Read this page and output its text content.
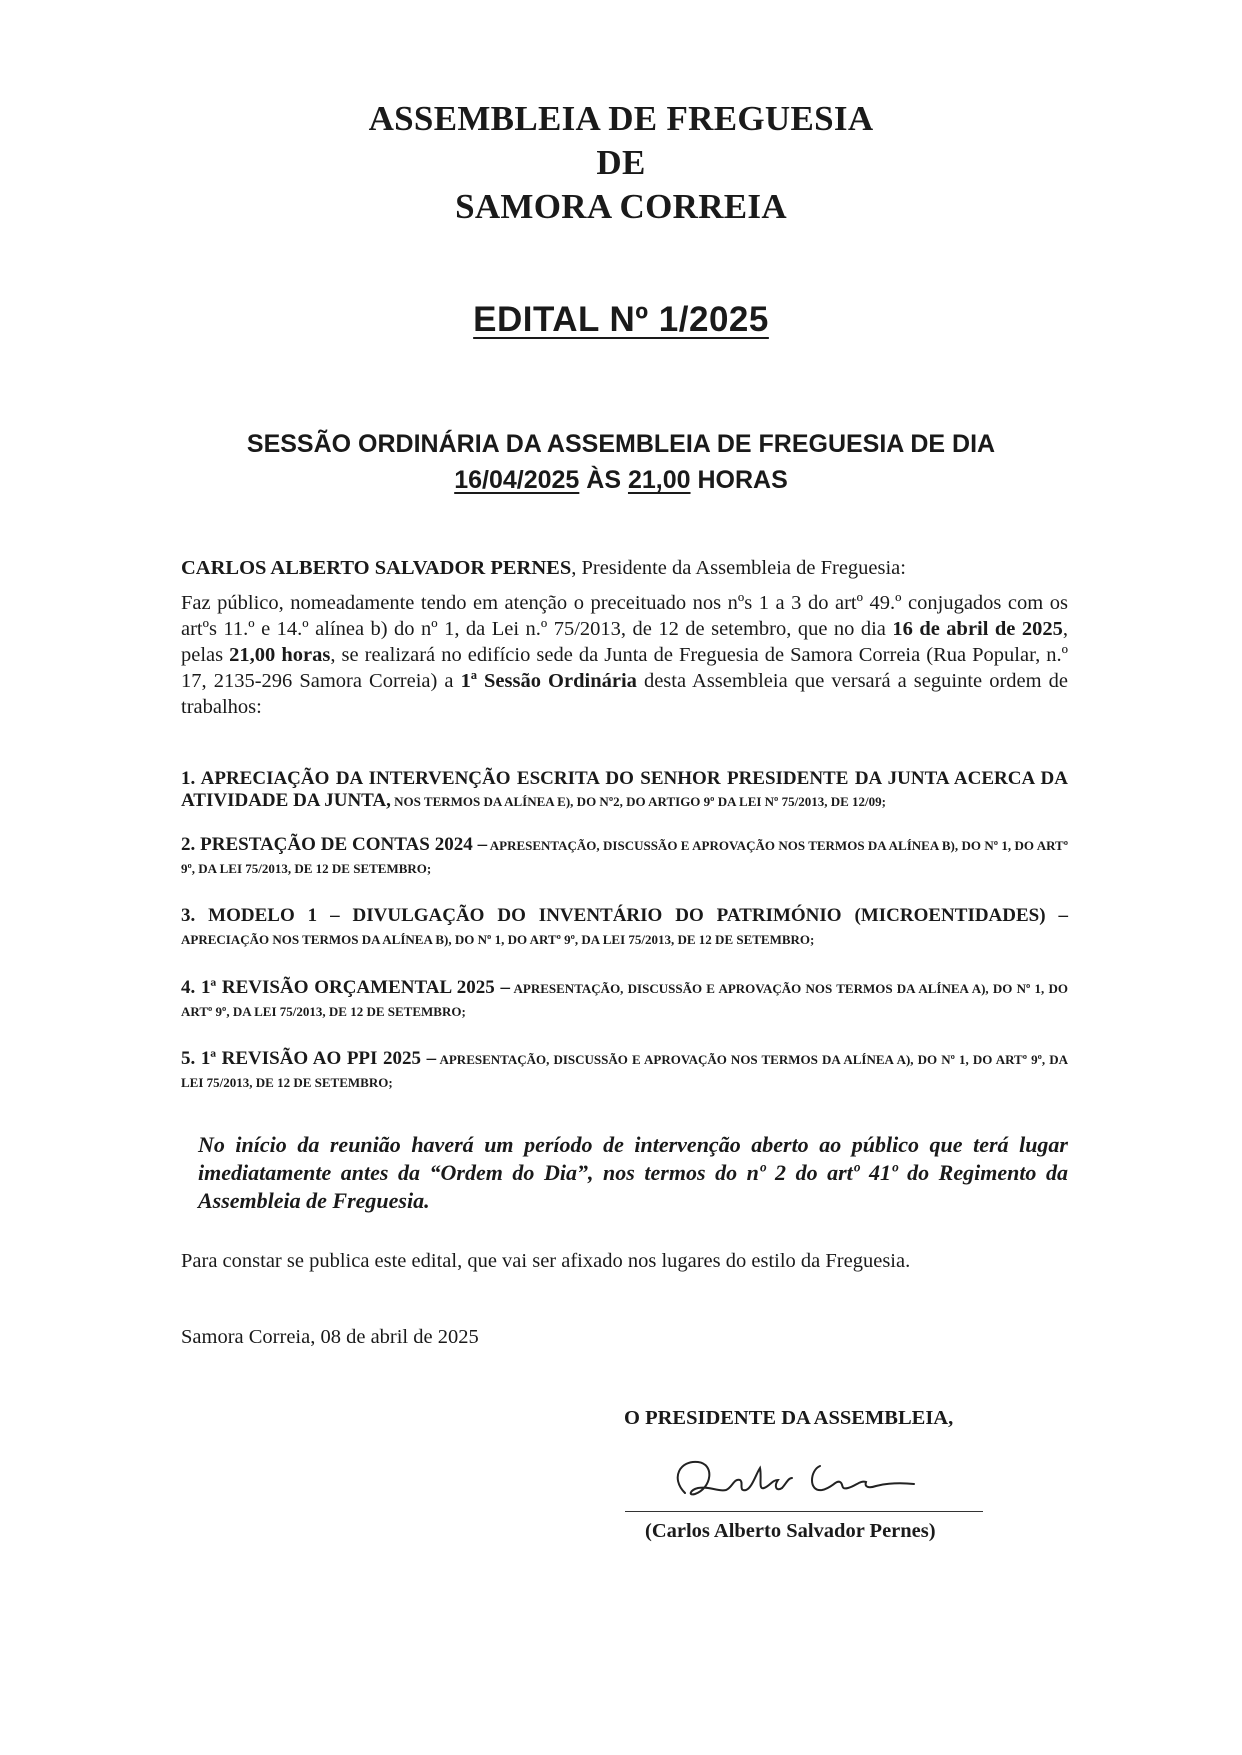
ASSEMBLEIA DE FREGUESIA
DE
SAMORA CORREIA
EDITAL Nº 1/2025
SESSÃO ORDINÁRIA DA ASSEMBLEIA DE FREGUESIA DE DIA
16/04/2025 ÀS 21,00 HORAS
CARLOS ALBERTO SALVADOR PERNES, Presidente da Assembleia de Freguesia:
Faz público, nomeadamente tendo em atenção o preceituado nos nºs 1 a 3 do artº 49.º conjugados com os artºs 11.º e 14.º alínea b) do nº 1, da Lei n.º 75/2013, de 12 de setembro, que no dia 16 de abril de 2025, pelas 21,00 horas, se realizará no edifício sede da Junta de Freguesia de Samora Correia (Rua Popular, n.º 17, 2135-296 Samora Correia) a 1ª Sessão Ordinária desta Assembleia que versará a seguinte ordem de trabalhos:
1. APRECIAÇÃO DA INTERVENÇÃO ESCRITA DO SENHOR PRESIDENTE DA JUNTA ACERCA DA ATIVIDADE DA JUNTA, NOS TERMOS DA ALÍNEA E), DO Nº2, DO ARTIGO 9º DA LEI Nº 75/2013, DE 12/09;
2. PRESTAÇÃO DE CONTAS 2024 – APRESENTAÇÃO, DISCUSSÃO E APROVAÇÃO NOS TERMOS DA ALÍNEA B), DO Nº 1, DO ARTº 9º, DA LEI 75/2013, DE 12 DE SETEMBRO;
3. MODELO 1 – DIVULGAÇÃO DO INVENTÁRIO DO PATRIMÓNIO (MICROENTIDADES) – APRECIAÇÃO NOS TERMOS DA ALÍNEA B), DO Nº 1, DO ARTº 9º, DA LEI 75/2013, DE 12 DE SETEMBRO;
4. 1ª REVISÃO ORÇAMENTAL 2025 – APRESENTAÇÃO, DISCUSSÃO E APROVAÇÃO NOS TERMOS DA ALÍNEA A), DO Nº 1, DO ARTº 9º, DA LEI 75/2013, DE 12 DE SETEMBRO;
5. 1ª REVISÃO AO PPI 2025 – APRESENTAÇÃO, DISCUSSÃO E APROVAÇÃO NOS TERMOS DA ALÍNEA A), DO Nº 1, DO ARTº 9º, DA LEI 75/2013, DE 12 DE SETEMBRO;
No início da reunião haverá um período de intervenção aberto ao público que terá lugar imediatamente antes da “Ordem do Dia”, nos termos do nº 2 do artº 41º do Regimento da Assembleia de Freguesia.
Para constar se publica este edital, que vai ser afixado nos lugares do estilo da Freguesia.
Samora Correia, 08 de abril de 2025
O PRESIDENTE DA ASSEMBLEIA,
(Carlos Alberto Salvador Pernes)
